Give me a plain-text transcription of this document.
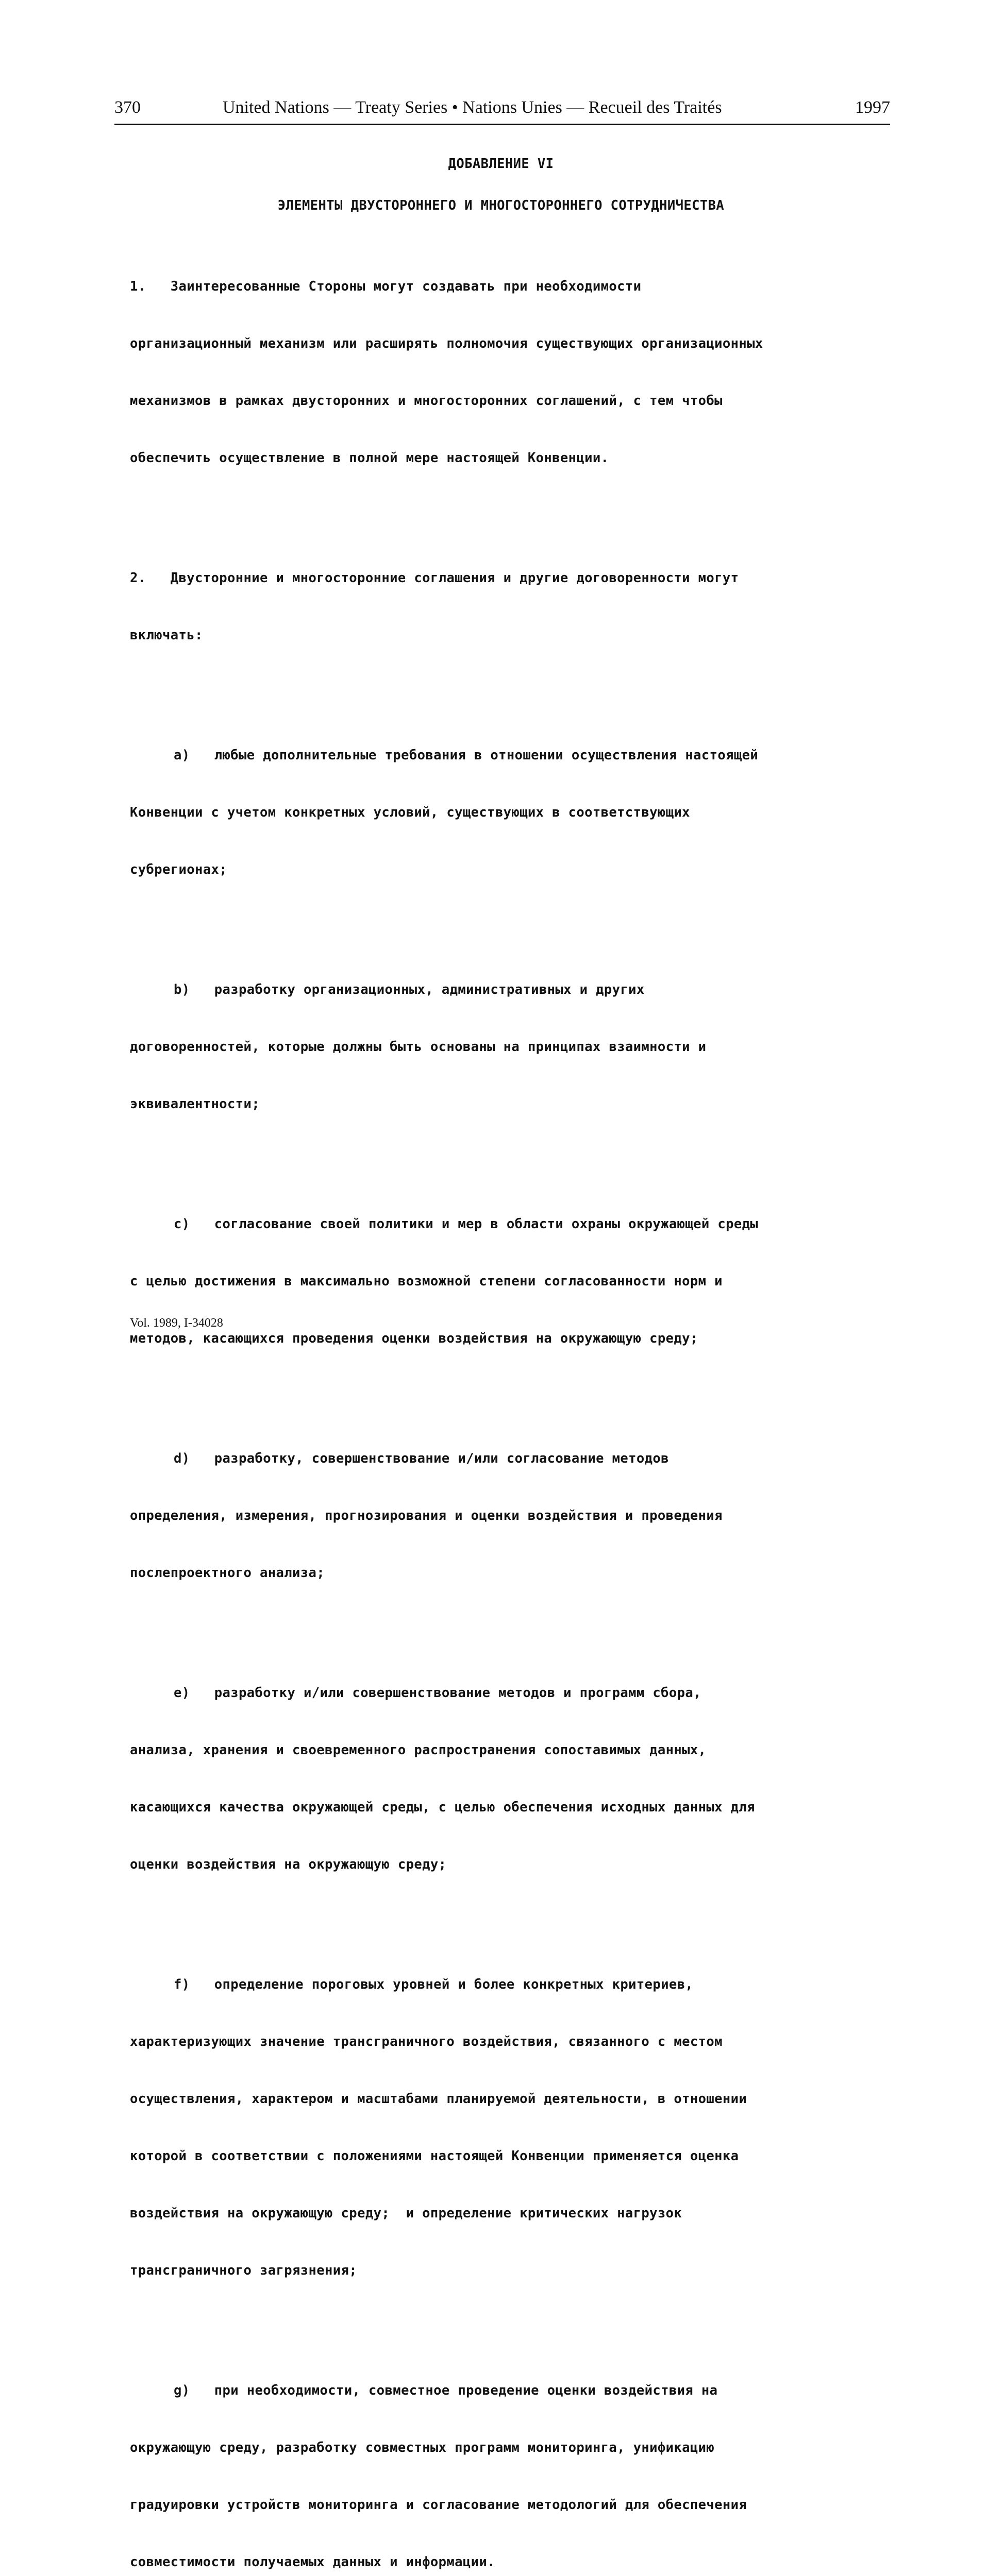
370	United Nations — Treaty Series • Nations Unies — Recueil des Traités	1997

ДОБАВЛЕНИЕ VI

ЭЛЕМЕНТЫ ДВУСТОРОННЕГО И МНОГОСТОРОННЕГО СОТРУДНИЧЕСТВА

1.   Заинтересованные Стороны могут создавать при необходимости

организационный механизм или расширять полномочия существующих организационных

механизмов в рамках двусторонних и многосторонних соглашений, с тем чтобы

обеспечить осуществление в полной мере настоящей Конвенции.

2.   Двусторонние и многосторонние соглашения и другие договоренности могут

включать:

a)   любые дополнительные требования в отношении осуществления настоящей

Конвенции с учетом конкретных условий, существующих в соответствующих

субрегионах;

b)   разработку организационных, административных и других

договоренностей, которые должны быть основаны на принципах взаимности и

эквивалентности;

c)   согласование своей политики и мер в области охраны окружающей среды

с целью достижения в максимально возможной степени согласованности норм и

методов, касающихся проведения оценки воздействия на окружающую среду;

d)   разработку, совершенствование и/или согласование методов

определения, измерения, прогнозирования и оценки воздействия и проведения

послепроектного анализа;

e)   разработку и/или совершенствование методов и программ сбора,

анализа, хранения и своевременного распространения сопоставимых данных,

касающихся качества окружающей среды, с целью обеспечения исходных данных для

оценки воздействия на окружающую среду;

f)   определение пороговых уровней и более конкретных критериев,

характеризующих значение трансграничного воздействия, связанного с местом

осуществления, характером и масштабами планируемой деятельности, в отношении

которой в соответствии с положениями настоящей Конвенции применяется оценка

воздействия на окружающую среду;  и определение критических нагрузок

трансграничного загрязнения;

g)   при необходимости, совместное проведение оценки воздействия на

окружающую среду, разработку совместных программ мониторинга, унификацию

градуировки устройств мониторинга и согласование методологий для обеспечения

совместимости получаемых данных и информации.

Vol. 1989, I-34028
